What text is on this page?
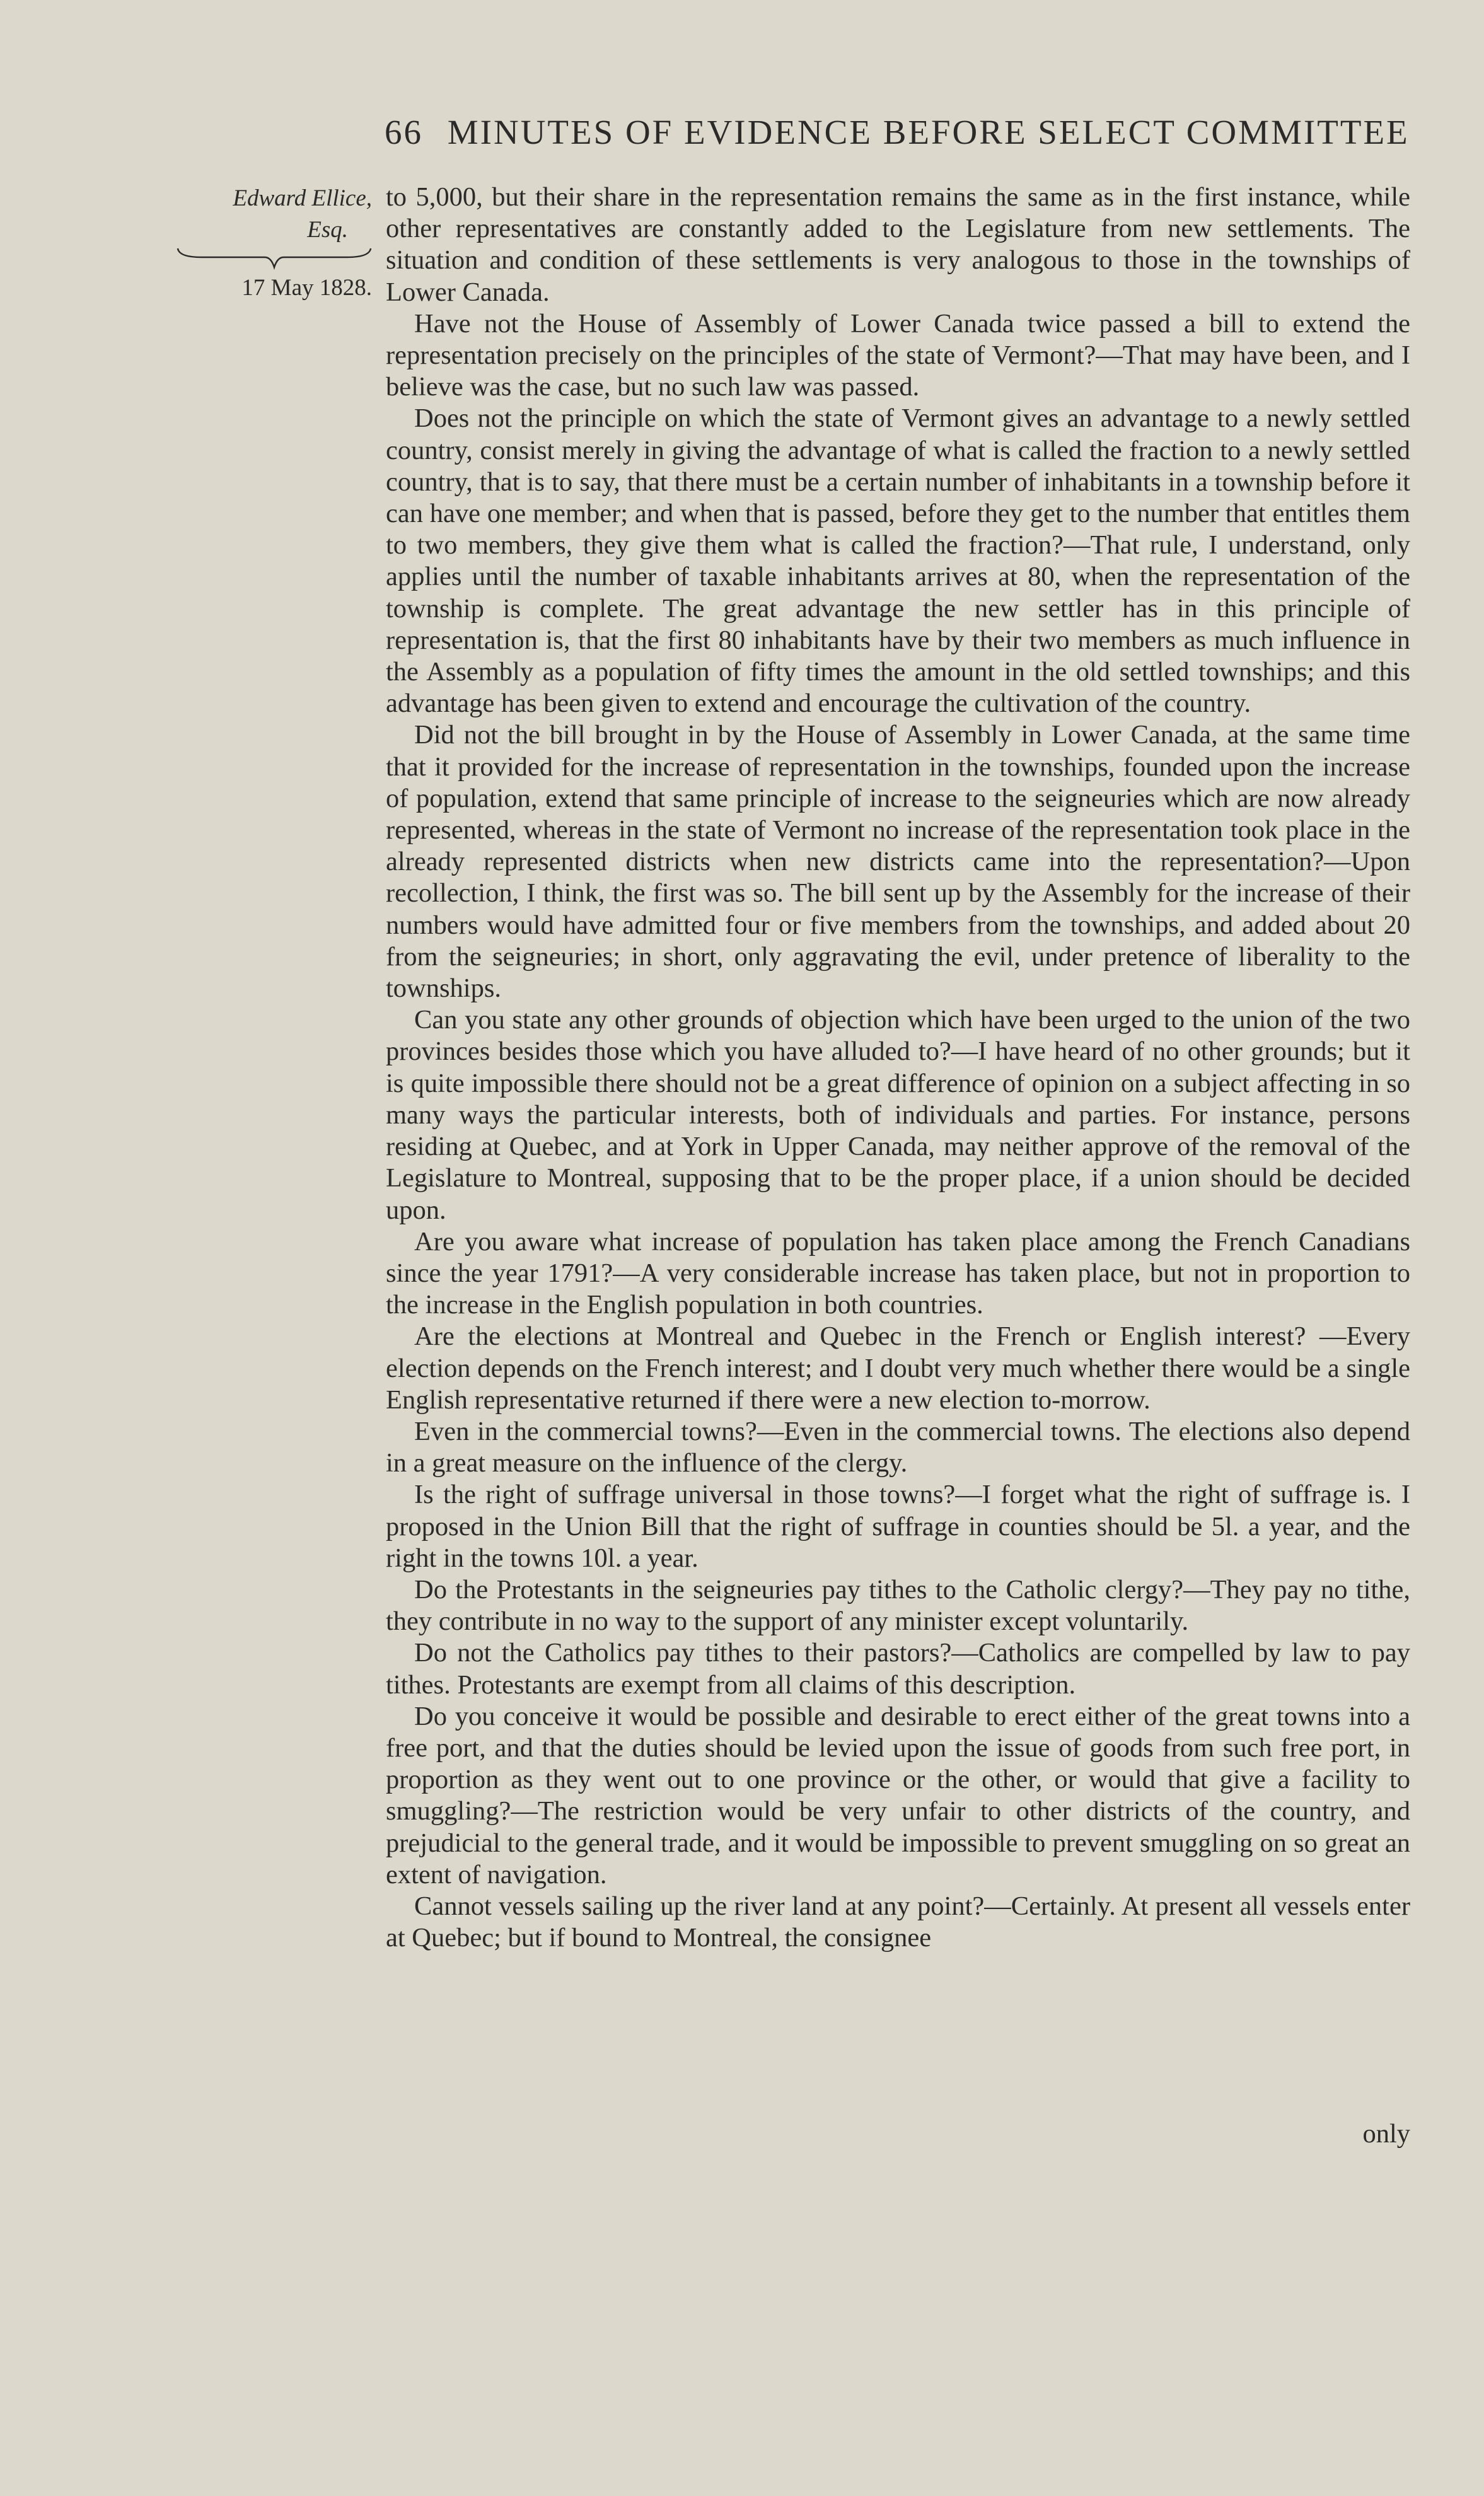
66 MINUTES OF EVIDENCE BEFORE SELECT COMMITTEE
Edward Ellice,
Esq.
17 May 1828.

to 5,000, but their share in the representation remains the same as in the first instance, while other representatives are constantly added to the Legislature from new settlements. The situation and condition of these settlements is very analogous to those in the townships of Lower Canada.

Have not the House of Assembly of Lower Canada twice passed a bill to extend the representation precisely on the principles of the state of Vermont?—That may have been, and I believe was the case, but no such law was passed.

Does not the principle on which the state of Vermont gives an advantage to a newly settled country, consist merely in giving the advantage of what is called the fraction to a newly settled country, that is to say, that there must be a certain number of inhabitants in a township before it can have one member; and when that is passed, before they get to the number that entitles them to two members, they give them what is called the fraction?—That rule, I understand, only applies until the number of taxable inhabitants arrives at 80, when the representation of the township is complete. The great advantage the new settler has in this principle of representation is, that the first 80 inhabitants have by their two members as much influence in the Assembly as a population of fifty times the amount in the old settled townships; and this advantage has been given to extend and encourage the cultivation of the country.

Did not the bill brought in by the House of Assembly in Lower Canada, at the same time that it provided for the increase of representation in the townships, founded upon the increase of population, extend that same principle of increase to the seigneuries which are now already represented, whereas in the state of Vermont no increase of the representation took place in the already represented districts when new districts came into the representation?—Upon recollection, I think, the first was so. The bill sent up by the Assembly for the increase of their numbers would have admitted four or five members from the townships, and added about 20 from the seigneuries; in short, only aggravating the evil, under pretence of liberality to the townships.

Can you state any other grounds of objection which have been urged to the union of the two provinces besides those which you have alluded to?—I have heard of no other grounds; but it is quite impossible there should not be a great difference of opinion on a subject affecting in so many ways the particular interests, both of individuals and parties. For instance, persons residing at Quebec, and at York in Upper Canada, may neither approve of the removal of the Legislature to Montreal, supposing that to be the proper place, if a union should be decided upon.

Are you aware what increase of population has taken place among the French Canadians since the year 1791?—A very considerable increase has taken place, but not in proportion to the increase in the English population in both countries.

Are the elections at Montreal and Quebec in the French or English interest? —Every election depends on the French interest; and I doubt very much whether there would be a single English representative returned if there were a new election to-morrow.

Even in the commercial towns?—Even in the commercial towns. The elections also depend in a great measure on the influence of the clergy.

Is the right of suffrage universal in those towns?—I forget what the right of suffrage is. I proposed in the Union Bill that the right of suffrage in counties should be 5l. a year, and the right in the towns 10l. a year.

Do the Protestants in the seigneuries pay tithes to the Catholic clergy?—They pay no tithe, they contribute in no way to the support of any minister except voluntarily.

Do not the Catholics pay tithes to their pastors?—Catholics are compelled by law to pay tithes. Protestants are exempt from all claims of this description.

Do you conceive it would be possible and desirable to erect either of the great towns into a free port, and that the duties should be levied upon the issue of goods from such free port, in proportion as they went out to one province or the other, or would that give a facility to smuggling?—The restriction would be very unfair to other districts of the country, and prejudicial to the general trade, and it would be impossible to prevent smuggling on so great an extent of navigation.

Cannot vessels sailing up the river land at any point?—Certainly. At present all vessels enter at Quebec; but if bound to Montreal, the consignee

only
